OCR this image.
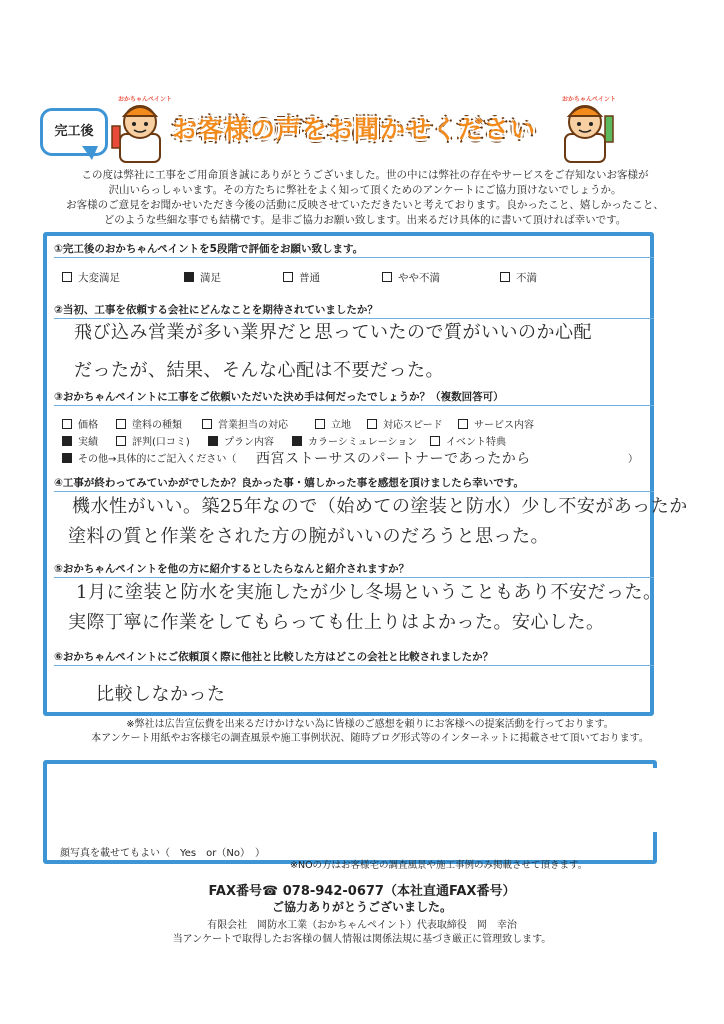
完工後
おかちゃんペイント
お客様の声をお聞かせください
おかちゃんペイント
この度は弊社に工事をご用命頂き誠にありがとうございました。世の中には弊社の存在やサービスをご存知ないお客様が
沢山いらっしゃいます。その方たちに弊社をよく知って頂くためのアンケートにご協力頂けないでしょうか。
お客様のご意見をお聞かせいただき今後の活動に反映させていただきたいと考えております。良かったこと、嬉しかったこと、
どのような些細な事でも結構です。是非ご協力お願い致します。出来るだけ具体的に書いて頂ければ幸いです。
①完工後のおかちゃんペイントを5段階で評価をお願い致します。
大変満足	満足	普通	やや不満	不満
②当初、工事を依頼する会社にどんなことを期待されていましたか？
飛び込み営業が多い業界だと思っていたので質がいいのか心配
だったが、結果、そんな心配は不要だった。
③おかちゃんペイントに工事をご依頼いただいた決め手は何だったでしょうか？（複数回答可）
価格	塗料の種類	営業担当の対応	立地	対応スピード	サービス内容
実績	評判(口コミ)	プラン内容	カラーシミュレーション	イベント特典
その他→具体的にご記入ください（ 西宮ストーサスのパートナーであったから	）
④工事が終わってみていかがでしたか？良かった事・嬉しかった事を感想を頂けましたら幸いです。
機水性がいい。築25年なので（始めての塗装と防水）少し不安があったか
塗料の質と作業をされた方の腕がいいのだろうと思った。
⑤おかちゃんペイントを他の方に紹介するとしたらなんと紹介されますか？
1月に塗装と防水を実施したが少し冬場ということもあり不安だった。
実際丁寧に作業をしてもらっても仕上りはよかった。安心した。
⑥おかちゃんペイントにご依頼頂く際に他社と比較した方はどこの会社と比較されましたか？
比較しなかった
※弊社は広告宣伝費を出来るだけかけない為に皆様のご感想を頼りにお客様への提案活動を行っております。
本アンケート用紙やお客様宅の調査風景や施工事例状況、随時ブログ形式等のインターネットに掲載させて頂いております。
顔写真を載せてもよい（　Yes　or（No）　）
※NOの方はお客様宅の調査風景や施工事例のみ掲載させて頂きます。
FAX番号☎ 078-942-0677（本社直通FAX番号）
ご協力ありがとうございました。
有限会社　岡防水工業（おかちゃんペイント）代表取締役　岡　幸治
当アンケートで取得したお客様の個人情報は関係法規に基づき厳正に管理致します。
